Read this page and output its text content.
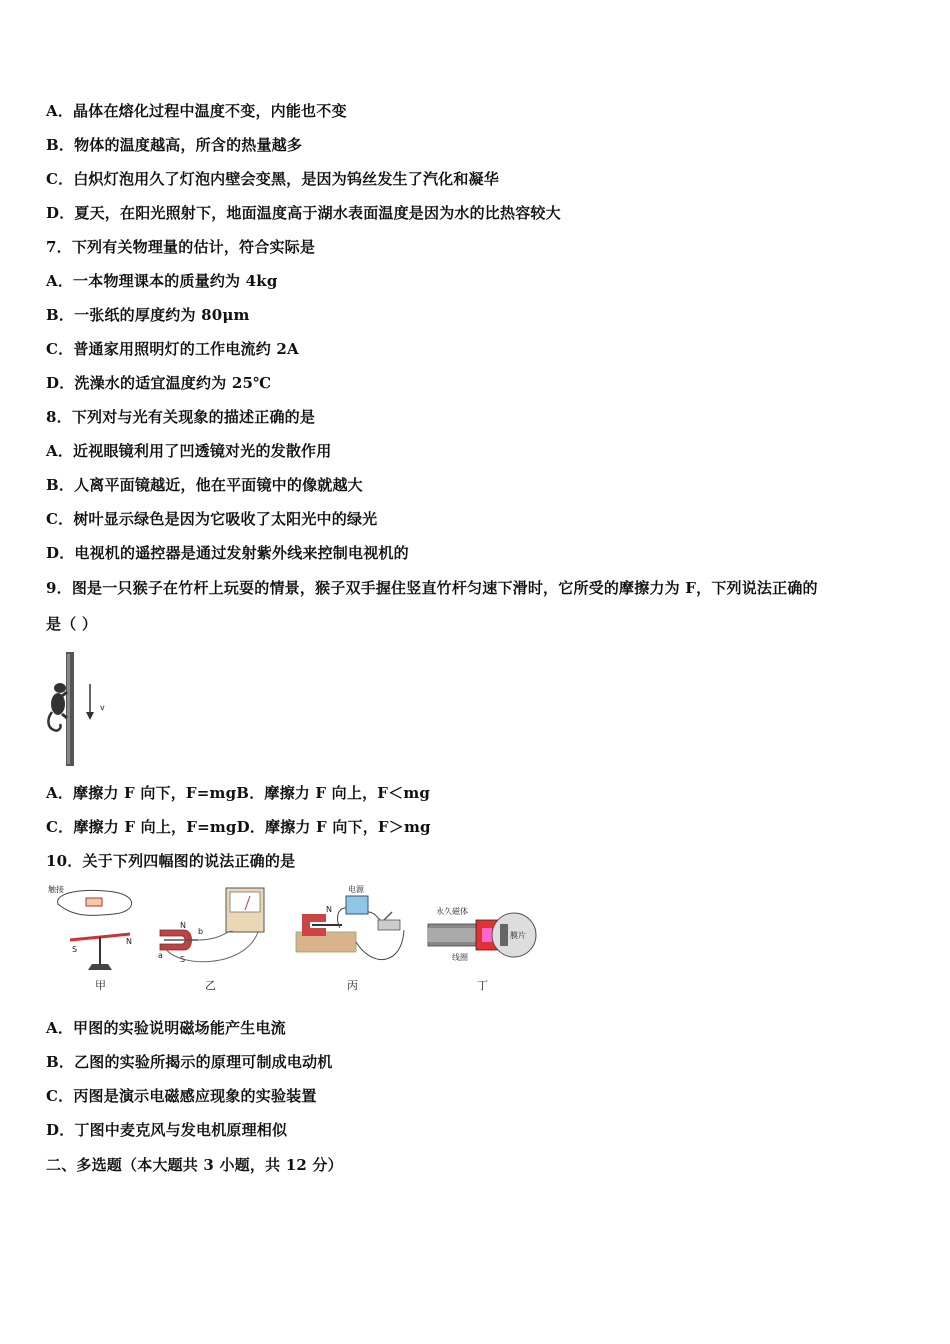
A．晶体在熔化过程中温度不变，内能也不变
B．物体的温度越高，所含的热量越多
C．白炽灯泡用久了灯泡内壁会变黑，是因为钨丝发生了汽化和凝华
D．夏天，在阳光照射下，地面温度高于湖水表面温度是因为水的比热容较大
7．下列有关物理量的估计，符合实际是
A．一本物理课本的质量约为 4kg
B．一张纸的厚度约为 80μm
C．普通家用照明灯的工作电流约 2A
D．洗澡水的适宜温度约为 25℃
8．下列对与光有关现象的描述正确的是
A．近视眼镜利用了凹透镜对光的发散作用
B．人离平面镜越近，他在平面镜中的像就越大
C．树叶显示绿色是因为它吸收了太阳光中的绿光
D．电视机的遥控器是通过发射紫外线来控制电视机的
9．图是一只猴子在竹杆上玩耍的情景，猴子双手握住竖直竹杆匀速下滑时，它所受的摩擦力为 F，下列说法正确的
是（ ）
v
A．摩擦力 F 向下，F=mgB．摩擦力 F 向上，F＜mg
C．摩擦力 F 向上，F=mgD．摩擦力 F 向下，F＞mg
10．关于下列四幅图的说法正确的是
触接
S
N
甲
N
S
a
b
乙
电源
N
丙
永久磁体
膜片
线圈
丁
A．甲图的实验说明磁场能产生电流
B．乙图的实验所揭示的原理可制成电动机
C．丙图是演示电磁感应现象的实验装置
D．丁图中麦克风与发电机原理相似
二、多选题（本大题共 3 小题，共 12 分）
